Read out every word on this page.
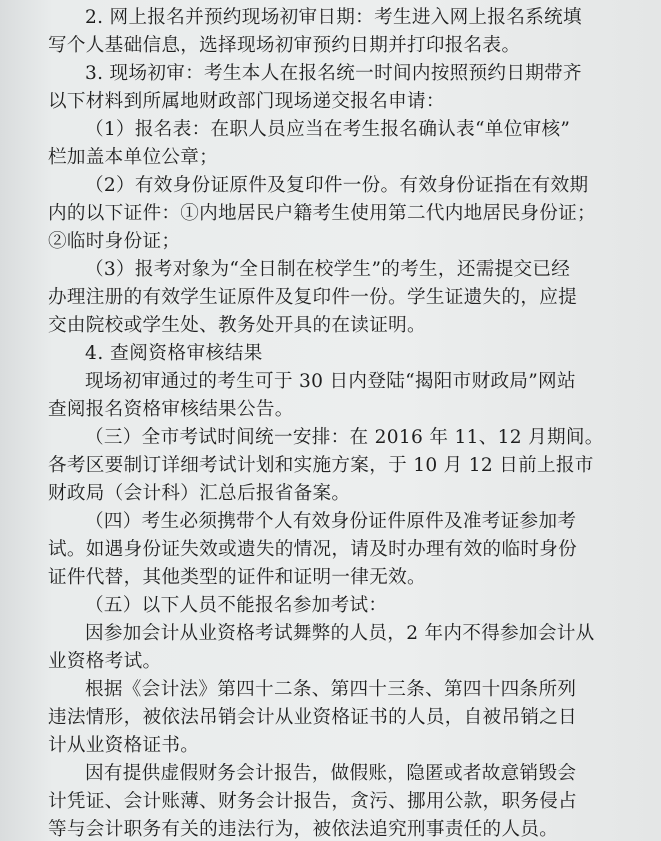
2. 网上报名并预约现场初审日期：考生进入网上报名系统填
写个人基础信息，选择现场初审预约日期并打印报名表。
3. 现场初审：考生本人在报名统一时间内按照预约日期带齐
以下材料到所属地财政部门现场递交报名申请：
（1）报名表：在职人员应当在考生报名确认表“单位审核”
栏加盖本单位公章；
（2）有效身份证原件及复印件一份。有效身份证指在有效期
内的以下证件：①内地居民户籍考生使用第二代内地居民身份证；
②临时身份证；
（3）报考对象为“全日制在校学生”的考生，还需提交已经
办理注册的有效学生证原件及复印件一份。学生证遗失的，应提
交由院校或学生处、教务处开具的在读证明。
4. 查阅资格审核结果
现场初审通过的考生可于 30 日内登陆“揭阳市财政局”网站
查阅报名资格审核结果公告。
（三）全市考试时间统一安排：在 2016 年 11、12 月期间。
各考区要制订详细考试计划和实施方案，于 10 月 12 日前上报市
财政局（会计科）汇总后报省备案。
（四）考生必须携带个人有效身份证件原件及准考证参加考
试。如遇身份证失效或遗失的情况，请及时办理有效的临时身份
证件代替，其他类型的证件和证明一律无效。
（五）以下人员不能报名参加考试：
因参加会计从业资格考试舞弊的人员，2 年内不得参加会计从
业资格考试。
根据《会计法》第四十二条、第四十三条、第四十四条所列
违法情形，被依法吊销会计从业资格证书的人员，自被吊销之日
计从业资格证书。
因有提供虚假财务会计报告，做假账，隐匿或者故意销毁会
计凭证、会计账薄、财务会计报告，贪污、挪用公款，职务侵占
等与会计职务有关的违法行为，被依法追究刑事责任的人员。
